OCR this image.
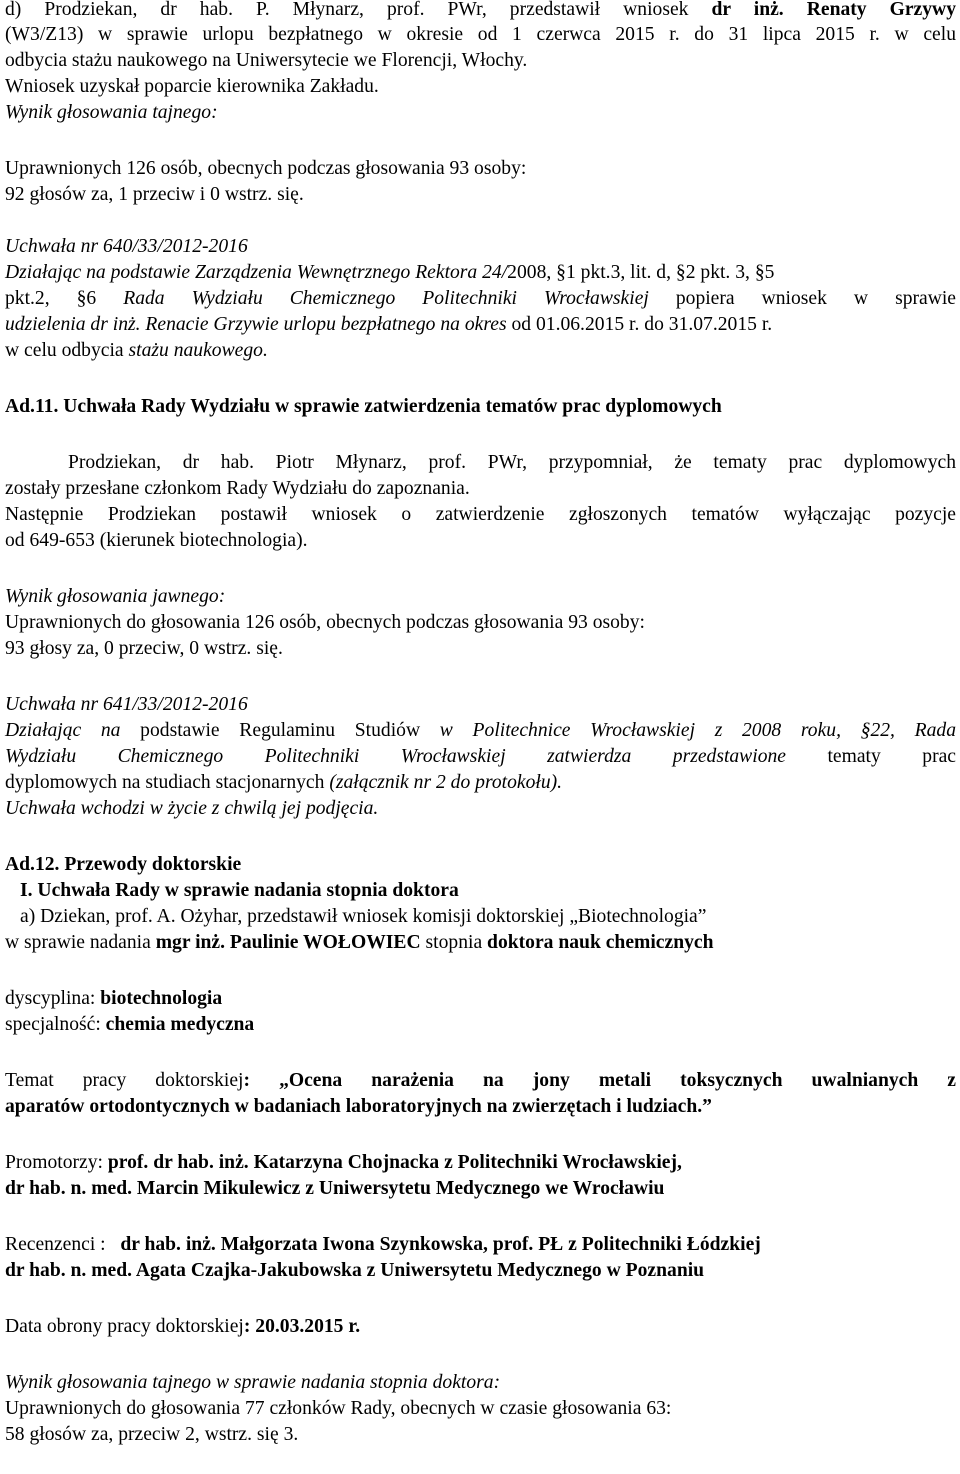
d) Prodziekan, dr hab. P. Młynarz, prof. PWr, przedstawił wniosek dr inż. Renaty Grzywy
(W3/Z13) w sprawie urlopu bezpłatnego w okresie od 1 czerwca 2015 r. do 31 lipca 2015 r. w celu
odbycia stażu naukowego na Uniwersytecie we Florencji, Włochy.
Wniosek uzyskał poparcie kierownika Zakładu.
Wynik głosowania tajnego:
Uprawnionych 126 osób, obecnych podczas głosowania 93 osoby:
92 głosów za, 1 przeciw i 0 wstrz. się.
Uchwała nr 640/33/2012-2016
Działając na podstawie Zarządzenia Wewnętrznego Rektora 24/2008, §1 pkt.3, lit. d, §2 pkt. 3, §5
pkt.2, §6 Rada Wydziału Chemicznego Politechniki Wrocławskiej popiera wniosek w sprawie
udzielenia dr inż. Renacie Grzywie urlopu bezpłatnego na okres od 01.06.2015 r. do 31.07.2015 r.
w celu odbycia stażu naukowego.
Ad.11. Uchwała Rady Wydziału w sprawie zatwierdzenia tematów prac dyplomowych
Prodziekan, dr hab. Piotr Młynarz, prof. PWr, przypomniał, że tematy prac dyplomowych
zostały przesłane członkom Rady Wydziału do zapoznania.
Następnie Prodziekan postawił wniosek o zatwierdzenie zgłoszonych tematów wyłączając pozycje
od 649-653 (kierunek biotechnologia).
Wynik głosowania jawnego:
Uprawnionych do głosowania 126 osób, obecnych podczas głosowania 93 osoby:
93 głosy za, 0 przeciw, 0 wstrz. się.
Uchwała nr 641/33/2012-2016
Działając na podstawie Regulaminu Studiów w Politechnice Wrocławskiej z 2008 roku, §22, Rada
Wydziału Chemicznego Politechniki Wrocławskiej zatwierdza przedstawione tematy prac
dyplomowych na studiach stacjonarnych (załącznik nr 2 do protokołu).
Uchwała wchodzi w życie z chwilą jej podjęcia.
Ad.12. Przewody doktorskie
I. Uchwała Rady w sprawie nadania stopnia doktora
a) Dziekan, prof. A. Ożyhar, przedstawił wniosek komisji doktorskiej „Biotechnologia”
w sprawie nadania mgr inż. Paulinie WOŁOWIEC stopnia doktora nauk chemicznych
dyscyplina: biotechnologia
specjalność: chemia medyczna
Temat pracy doktorskiej: „Ocena narażenia na jony metali toksycznych uwalnianych z
aparatów ortodontycznych w badaniach laboratoryjnych na zwierzętach i ludziach.”
Promotorzy: prof. dr hab. inż. Katarzyna Chojnacka z Politechniki Wrocławskiej,
dr hab. n. med. Marcin Mikulewicz z Uniwersytetu Medycznego we Wrocławiu
Recenzenci :   dr hab. inż. Małgorzata Iwona Szynkowska, prof. PŁ z Politechniki Łódzkiej
dr hab. n. med. Agata Czajka-Jakubowska z Uniwersytetu Medycznego w Poznaniu
Data obrony pracy doktorskiej: 20.03.2015 r.
Wynik głosowania tajnego w sprawie nadania stopnia doktora:
Uprawnionych do głosowania 77 członków Rady, obecnych w czasie głosowania 63:
58 głosów za, przeciw 2, wstrz. się 3.
